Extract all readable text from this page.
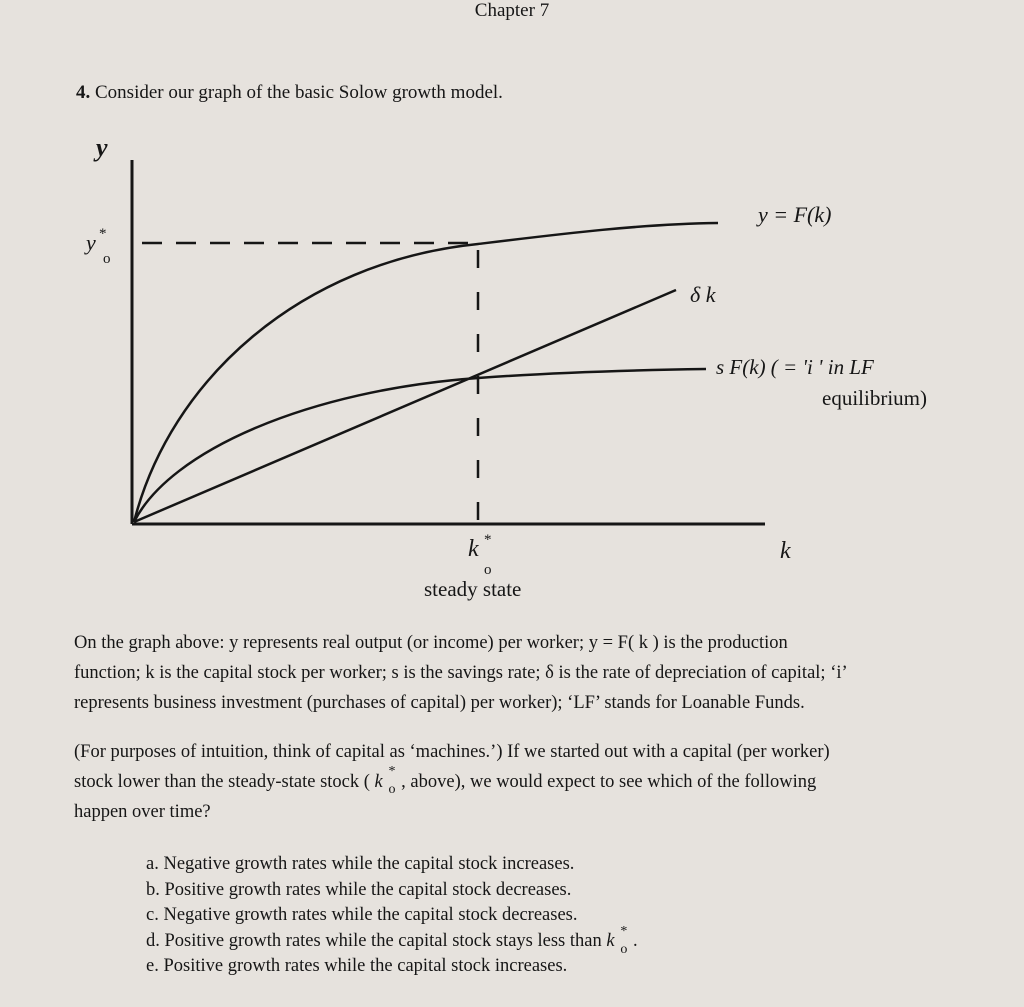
Chapter 7
4. Consider our graph of the basic Solow growth model.
y
y *
o
y = F(k)
δ k
s F(k) ( = 'i ' in LF
equilibrium)
k
k *
o
steady state
On the graph above: y represents real output (or income) per worker; y = F( k ) is the production
function; k is the capital stock per worker; s is the savings rate; δ is the rate of depreciation of capital; ‘i’
represents business investment (purchases of capital) per worker); ‘LF’ stands for Loanable Funds.
(For purposes of intuition, think of capital as ‘machines.’) If we started out with a capital (per worker)
stock lower than the steady-state stock ( k
*
o , above), we would expect to see which of the following
happen over time?
a. Negative growth rates while the capital stock increases.
b. Positive growth rates while the capital stock decreases.
c. Negative growth rates while the capital stock decreases.
d. Positive growth rates while the capital stock stays less than k *
o .
e. Positive growth rates while the capital stock increases.
